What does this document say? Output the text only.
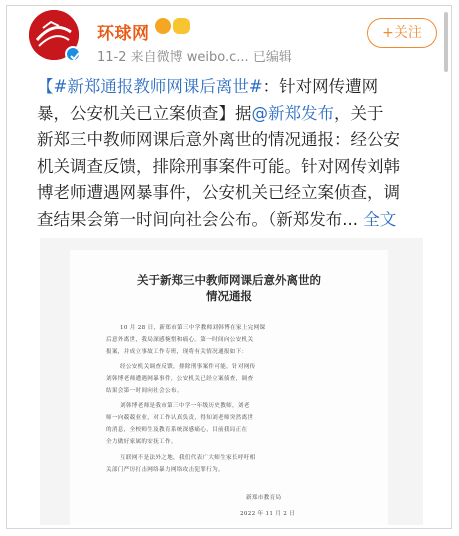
环球网
11-2 来自微博 weibo.c... 已编辑
+关注
【#新郑通报教师网课后离世#：针对网传遭网
暴，公安机关已立案侦查】据@新郑发布，关于
新郑三中教师网课后意外离世的情况通报：经公安
机关调查反馈，排除刑事案件可能。针对网传刘韩
博老师遭遇网暴事件，公安机关已经立案侦查，调
查结果会第一时间向社会公布。（新郑发布... 全文
关于新郑三中教师网课后意外离世的
情况通报
10 月 28 日，新郑市第三中学教师刘韩博在家上完网课
后意外离世，我局深感惋惜和痛心。第一时间向公安机关
报案，并成立事故工作专班，现将有关情况通报如下：
经公安机关调查反馈，排除刑事案件可能。针对网传
刘韩博老师遭遇网暴事件，公安机关已经立案侦查，调查
结果会第一时间向社会公布。
刘韩博老师是我市第三中学一年级历史教师，刘老
师一向兢兢业业，对工作认真负责，得知刘老师突然离世
的消息，全校师生及教育系统深感痛心，目前我局正在
全力做好家属的安抚工作。
互联网不是法外之地，我们代表广大师生家长呼吁相
关部门严厉打击网络暴力网络攻击犯罪行为。
新郑市教育局
2022 年 11 月 2 日
